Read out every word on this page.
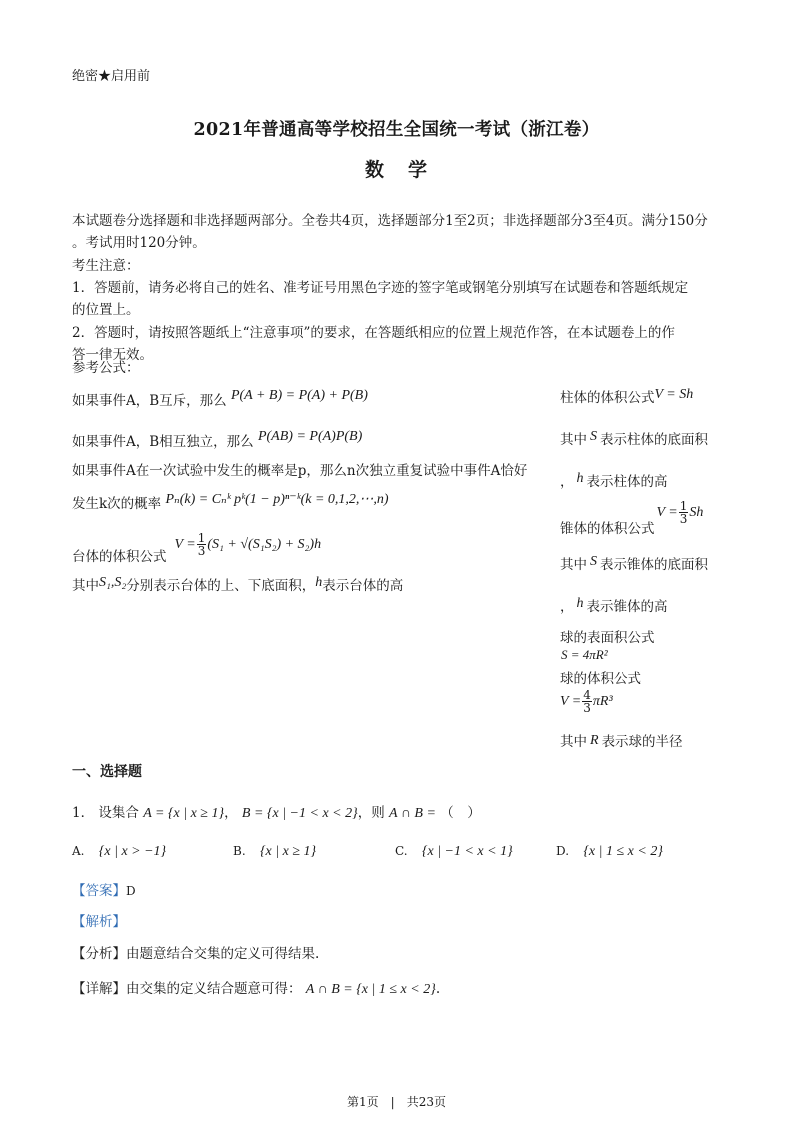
绝密★启用前
2021年普通高等学校招生全国统一考试（浙江卷）
数学
本试题卷分选择题和非选择题两部分。全卷共4页，选择题部分1至2页；非选择题部分3至4页。满分150分
。考试用时120分钟。
考生注意：
1．答题前，请务必将自己的姓名、准考证号用黑色字迹的签字笔或钢笔分别填写在试题卷和答题纸规定
的位置上。
2．答题时，请按照答题纸上“注意事项”的要求，在答题纸相应的位置上规范作答，在本试题卷上的作
答一律无效。
参考公式：
如果事件A，B互斥，那么 P(A + B) = P(A) + P(B)
如果事件A，B相互独立，那么 P(AB) = P(A)P(B)
如果事件A在一次试验中发生的概率是p，那么n次独立重复试验中事件A恰好
发生k次的概率 Pₙ(k) = Cₙᵏ pᵏ(1 − p)ⁿ⁻ᵏ(k = 0,1,2,⋯,n)
台体的体积公式
$V = \frac{1}{3} (S_1 + √(S_1S_2) + S_2)h$
其中S₁,S₂分别表示台体的上、下底面积，h表示台体的高
柱体的体积公式V = Sh
其中 S 表示柱体的底面积
， h 表示柱体的高
锥体的体积公式
$V = \frac{1}{3}$ Sh
其中 S 表示锥体的底面积
， h 表示锥体的高
球的表面积公式
S = 4πR²
球的体积公式
$V = \frac{4}{3} \pi R^3$
其中 R 表示球的半径
一、选择题
1． 设集合 A = {x | x ≥ 1}， B = {x | −1 < x < 2}，则 A ∩ B = （　）
A. {x | x > −1}	B. {x | x ≥ 1}	C. {x | −1 < x < 1}	D. {x | 1 ≤ x < 2}
【答案】D
【解析】
【分析】由题意结合交集的定义可得结果.
【详解】由交集的定义结合题意可得： A ∩ B = {x | 1 ≤ x < 2}.
第1页　|　共23页
